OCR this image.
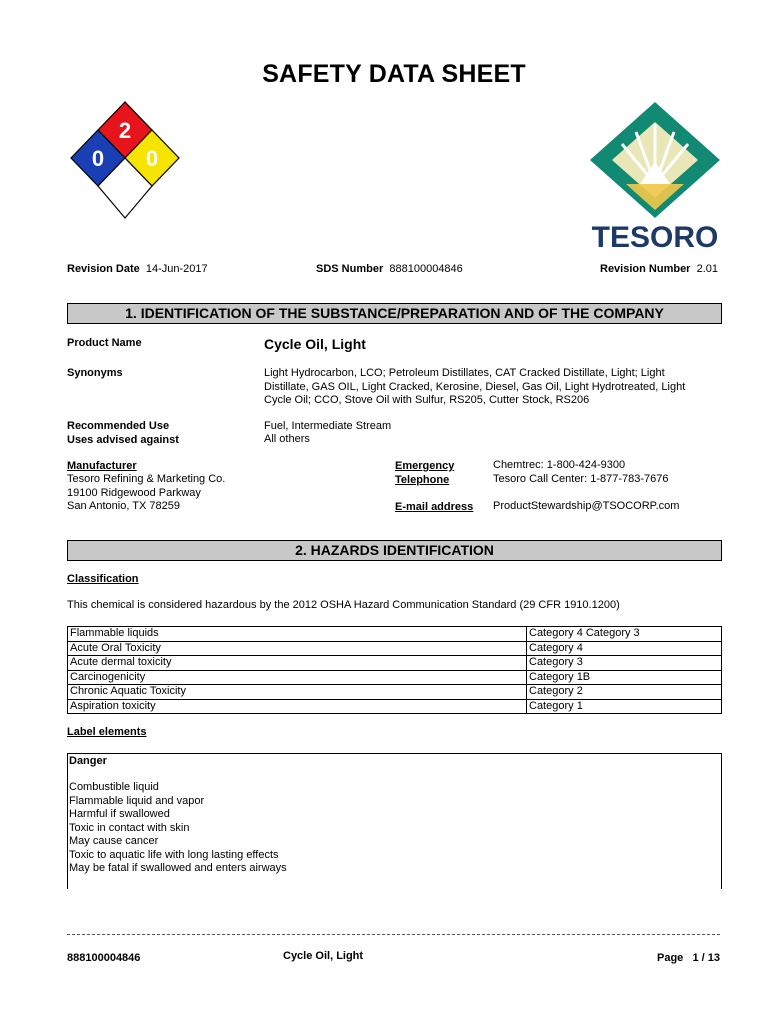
SAFETY DATA SHEET
2
0 0
TESORO
Revision Date 14-Jun-2017	SDS Number 888100004846	Revision Number 2.01
1. IDENTIFICATION OF THE SUBSTANCE/PREPARATION AND OF THE COMPANY
Product Name	Cycle Oil, Light
Synonyms	Light Hydrocarbon, LCO; Petroleum Distillates, CAT Cracked Distillate, Light; Light
Distillate, GAS OIL, Light Cracked, Kerosine, Diesel, Gas Oil, Light Hydrotreated, Light
Cycle Oil; CCO, Stove Oil with Sulfur, RS205, Cutter Stock, RS206
Recommended Use	Fuel, Intermediate Stream
Uses advised against	All others
Manufacturer
Tesoro Refining & Marketing Co.
19100 Ridgewood Parkway
San Antonio, TX 78259
Emergency
Telephone
Chemtrec: 1-800-424-9300
Tesoro Call Center: 1-877-783-7676
E-mail address ProductStewardship@TSOCORP.com
2. HAZARDS IDENTIFICATION
Classification
This chemical is considered hazardous by the 2012 OSHA Hazard Communication Standard (29 CFR 1910.1200)
Flammable liquids	Category 4 Category 3
Acute Oral Toxicity	Category 4
Acute dermal toxicity	Category 3
Carcinogenicity	Category 1B
Chronic Aquatic Toxicity	Category 2
Aspiration toxicity	Category 1
Label elements
Danger
Combustible liquid
Flammable liquid and vapor
Harmful if swallowed
Toxic in contact with skin
May cause cancer
Toxic to aquatic life with long lasting effects
May be fatal if swallowed and enters airways
888100004846	Cycle Oil, Light	Page 1 / 13
